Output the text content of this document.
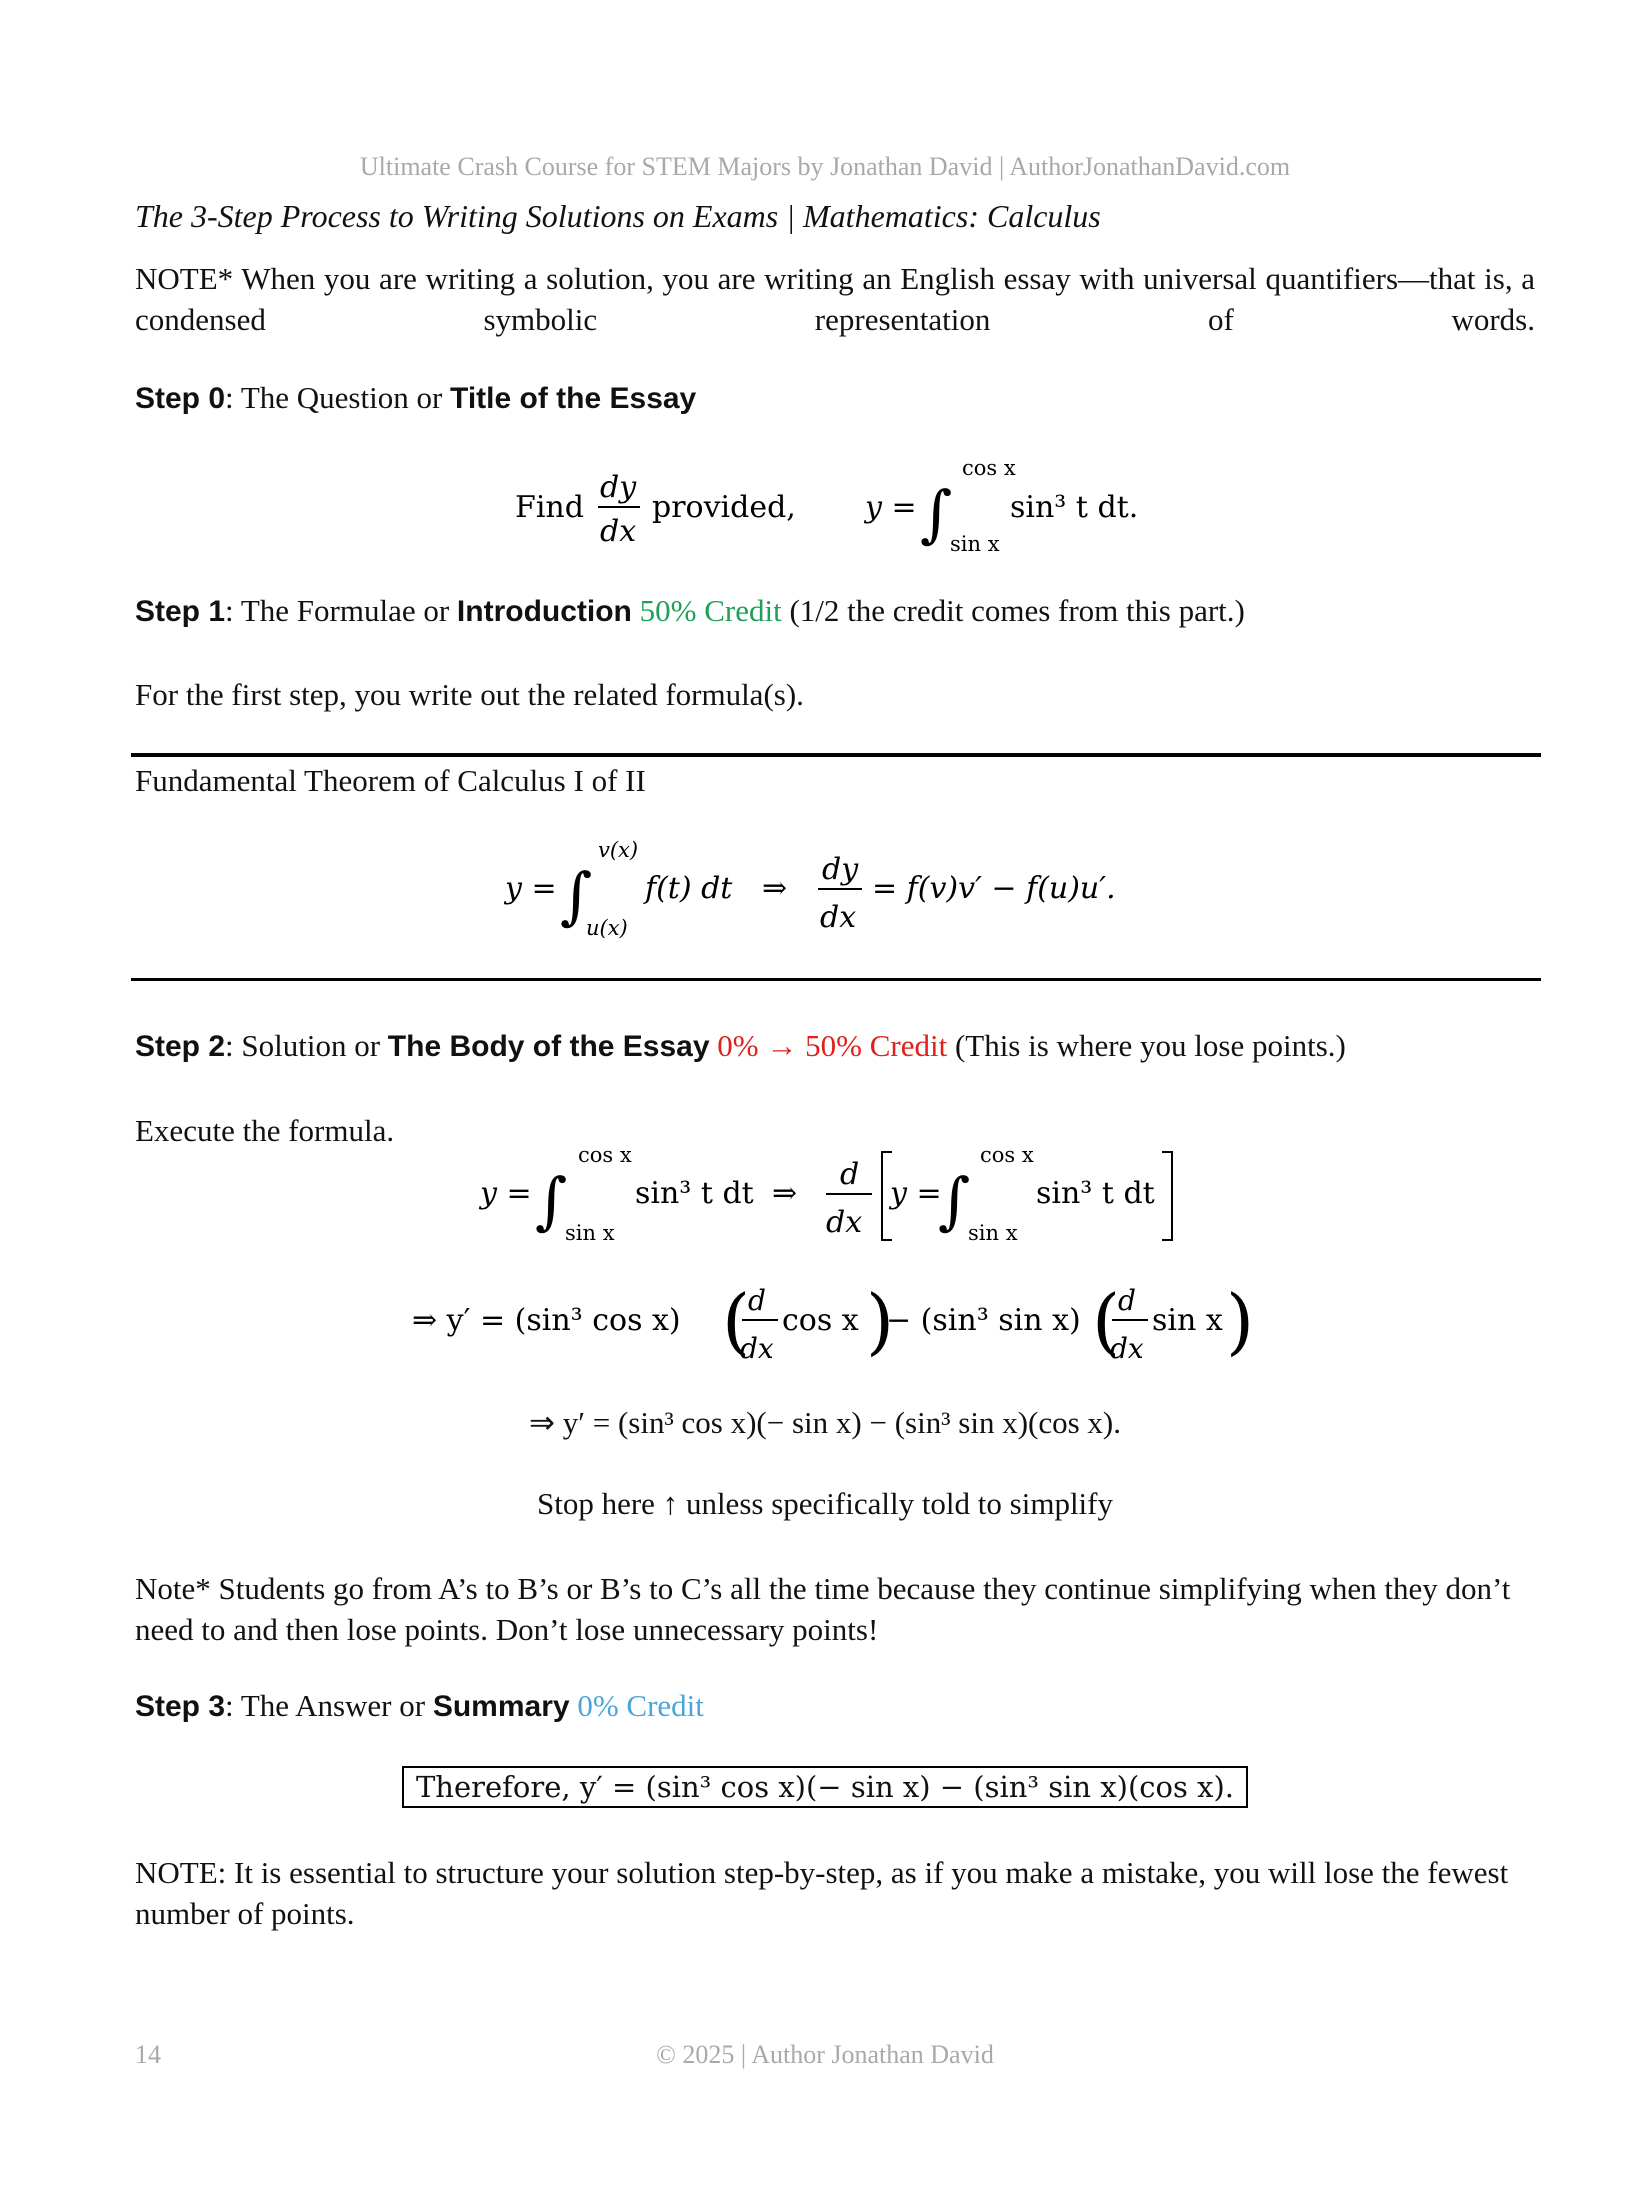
Ultimate Crash Course for STEM Majors by Jonathan David | AuthorJonathanDavid.com
The 3-Step Process to Writing Solutions on Exams | Mathematics: Calculus
NOTE* When you are writing a solution, you are writing an English essay with universal quantifiers—that is, a condensed symbolic representation of words.
Step 0: The Question or Title of the Essay
Find
dy
dx
provided, y = ∫
cos x
sin x
sin³ t dt.
Step 1: The Formulae or Introduction 50% Credit (1/2 the credit comes from this part.)
For the first step, you write out the related formula(s).
Fundamental Theorem of Calculus I of II
y = ∫
v(x)
u(x)
f(t) dt ⇒
dy
dx
= f(v)v′ − f(u)u′.
Step 2: Solution or The Body of the Essay 0% → 50% Credit (This is where you lose points.)
Execute the formula.
y = ∫
cos x
sin x
sin³ t dt ⇒
d
dx
y =
∫
cos x
sin x
sin³ t dt
⇒ y′ = (sin³ cos x) (
d
dx
cos x )
− (sin³ sin x) (
d
dx
sin x )
⇒ y′ = (sin³ cos x)(− sin x) − (sin³ sin x)(cos x).
Stop here ↑ unless specifically told to simplify
Note* Students go from A’s to B’s or B’s to C’s all the time because they continue simplifying when they don’t need to and then lose points. Don’t lose unnecessary points!
Step 3: The Answer or Summary 0% Credit
Therefore, y′ = (sin³ cos x)(− sin x) − (sin³ sin x)(cos x).
NOTE: It is essential to structure your solution step-by-step, as if you make a mistake, you will lose the fewest number of points.
14	© 2025 | Author Jonathan David
